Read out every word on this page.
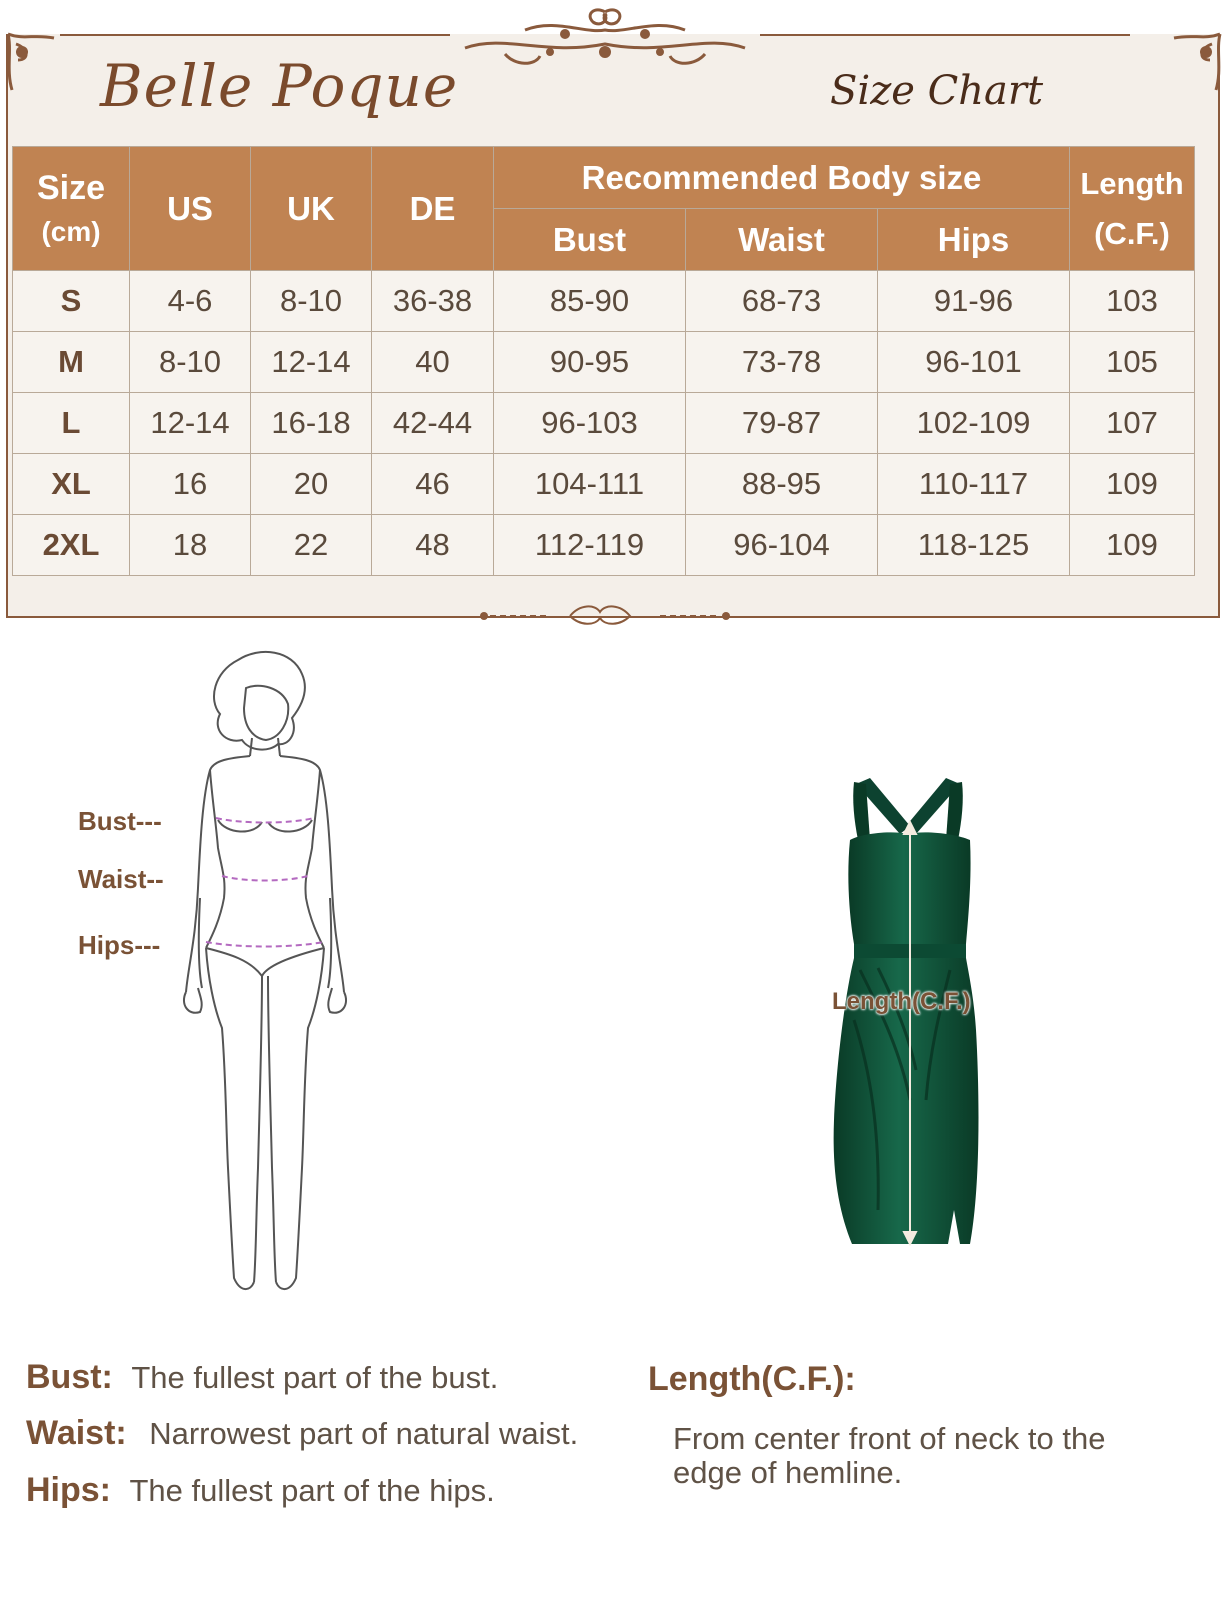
Belle Poque	Size Chart
Size
(cm)	US	UK	DE	Recommended Body size			Length
(C.F.)

				Bust	Waist	Hips	
S	4-6	8-10	36-38	85-90	68-73	91-96	103
M	8-10	12-14	40	90-95	73-78	96-101	105
L	12-14	16-18	42-44	96-103	79-87	102-109	107
XL	16	20	46	104-111	88-95	110-117	109
2XL	18	22	48	112-119	96-104	118-125	109
Bust---
Waist--
Hips---
Length(C.F.)
Bust: The fullest part of the bust.
Waist: Narrowest part of natural waist.
Hips: The fullest part of the hips.
Length(C.F.):
From center front of neck to the edge of hemline.
